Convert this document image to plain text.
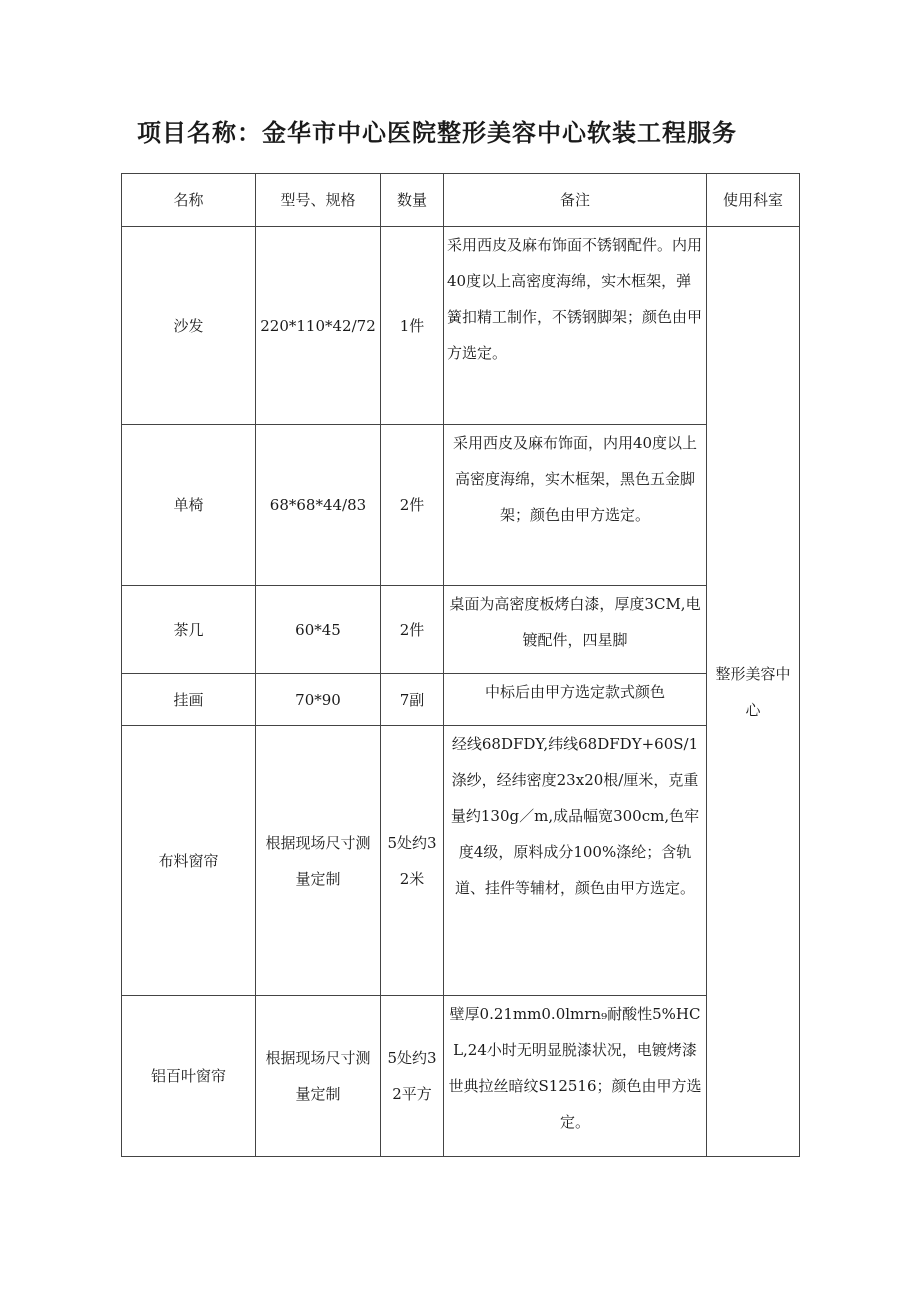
项目名称：金华市中心医院整形美容中心软装工程服务
名称	型号、规格	数量	备注	使用科室
沙发	220*110*42/72	1件	采用西皮及麻布饰面不锈钢配件。内用40度以上高密度海绵，实木框架，弹簧扣精工制作，不锈钢脚架；颜色由甲方选定。	整形美容中心
单椅	68*68*44/83	2件	采用西皮及麻布饰面，内用40度以上高密度海绵，实木框架，黑色五金脚架；颜色由甲方选定。	
茶几	60*45	2件	桌面为高密度板烤白漆，厚度3CM,电镀配件，四星脚	
挂画	70*90	7副	中标后由甲方选定款式颜色	
布料窗帘	根据现场尺寸测量定制	5处约32米	经线68DFDY,纬线68DFDY+60S/1涤纱，经纬密度23x20根/厘米，克重量约130g／m,成品幅宽300cm,色牢度4级，原料成分100%涤纶；含轨道、挂件等辅材，颜色由甲方选定。	
铝百叶窗帘	根据现场尺寸测量定制	5处约32平方	壁厚0.21mm0.0lmrn₉耐酸性5%HCL,24小时无明显脱漆状况，电镀烤漆世典拉丝暗纹S12516；颜色由甲方选定。	
